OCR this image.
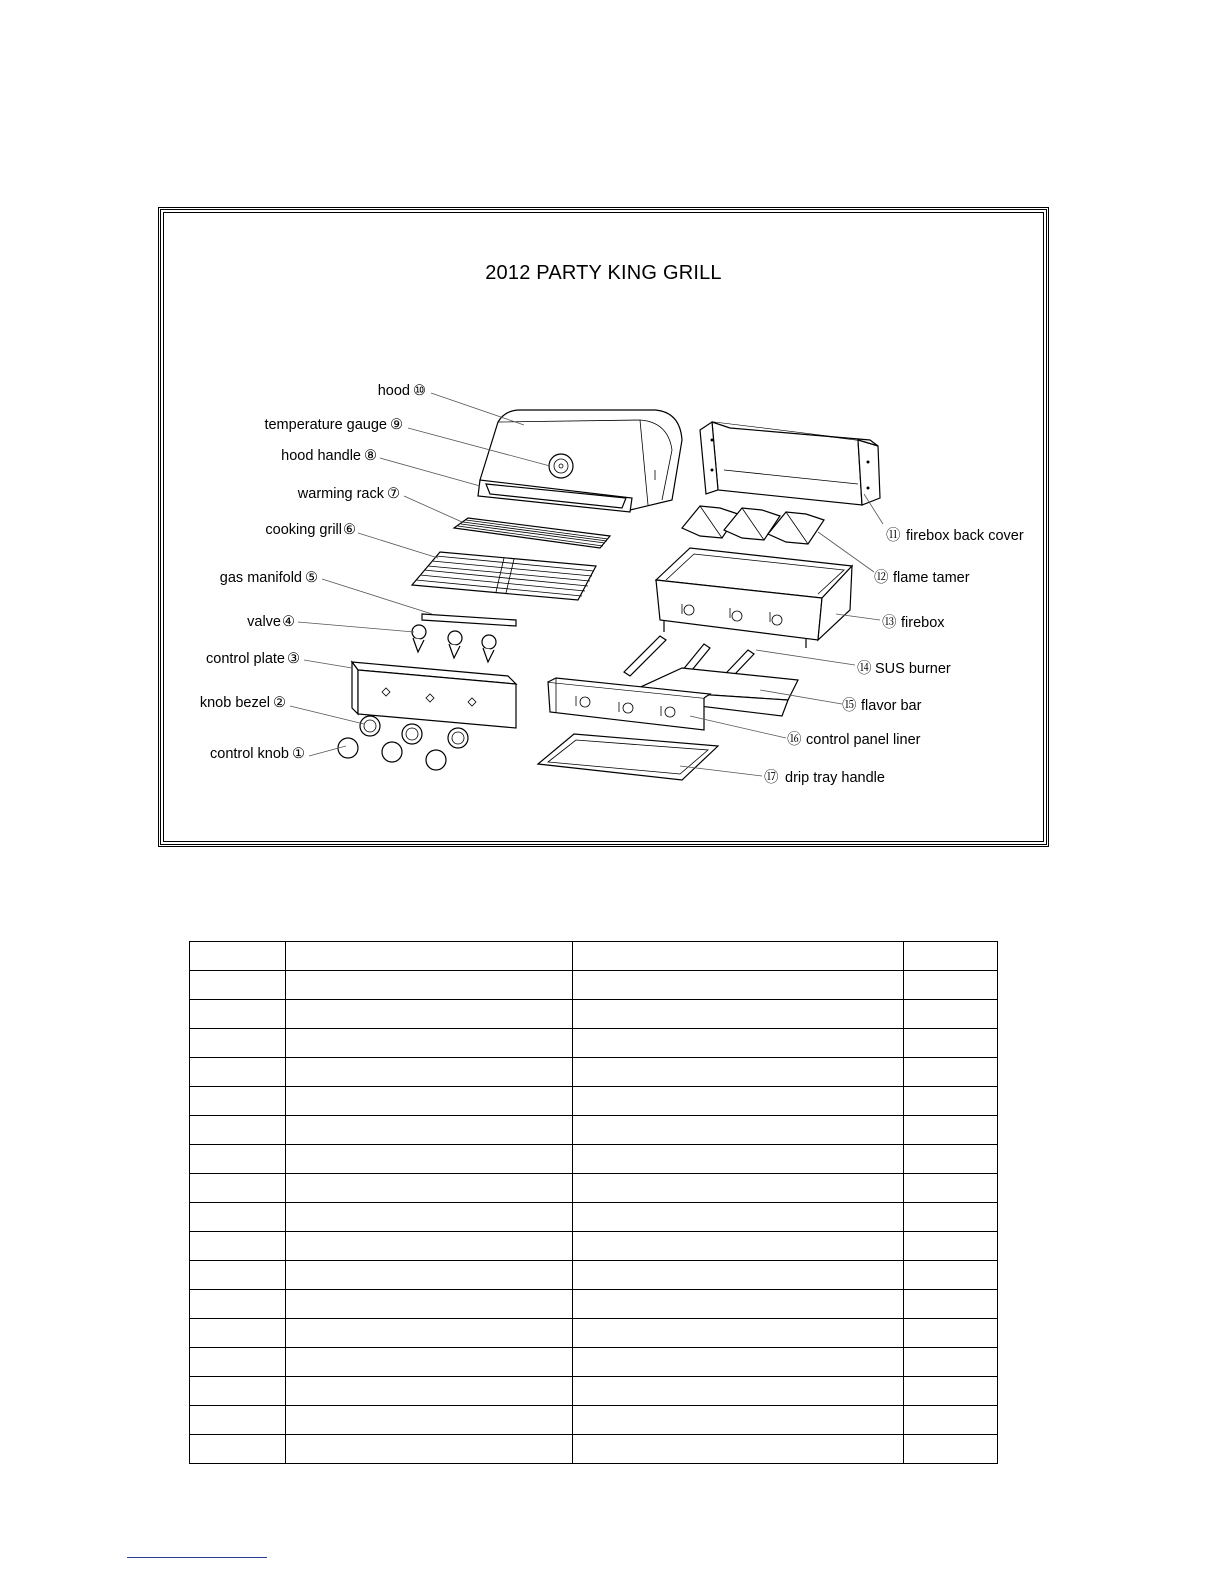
2012 PARTY KING GRILL
hood ⑩
temperature gauge ⑨
hood handle ⑧
warming rack ⑦
cooking grill ⑥
gas manifold ⑤
valve ④
control plate ③
knob bezel ②
control knob ①
⑪ firebox back cover
⑫ flame tamer
⑬ firebox
⑭ SUS burner
⑮ flavor bar
⑯ control panel liner
⑰ drip tray handle
